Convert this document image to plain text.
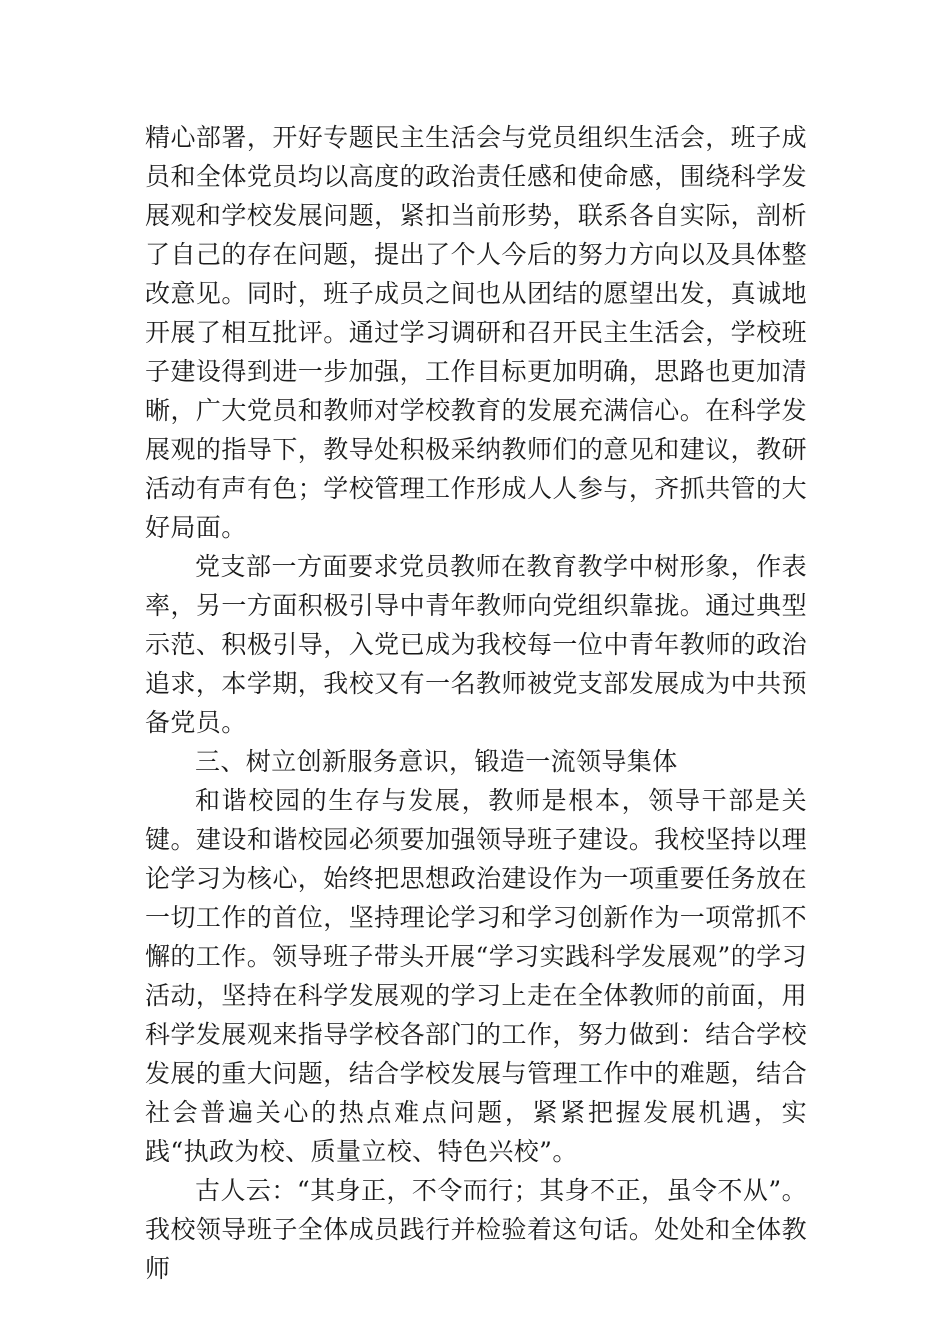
精心部署，开好专题民主生活会与党员组织生活会，班子成员和全体党员均以高度的政治责任感和使命感，围绕科学发展观和学校发展问题，紧扣当前形势，联系各自实际，剖析了自己的存在问题，提出了个人今后的努力方向以及具体整改意见。同时，班子成员之间也从团结的愿望出发，真诚地开展了相互批评。通过学习调研和召开民主生活会，学校班子建设得到进一步加强，工作目标更加明确，思路也更加清晰，广大党员和教师对学校教育的发展充满信心。在科学发展观的指导下，教导处积极采纳教师们的意见和建议，教研活动有声有色；学校管理工作形成人人参与，齐抓共管的大好局面。

党支部一方面要求党员教师在教育教学中树形象，作表率，另一方面积极引导中青年教师向党组织靠拢。通过典型示范、积极引导，入党已成为我校每一位中青年教师的政治追求，本学期，我校又有一名教师被党支部发展成为中共预备党员。

三、树立创新服务意识，锻造一流领导集体

和谐校园的生存与发展，教师是根本，领导干部是关键。建设和谐校园必须要加强领导班子建设。我校坚持以理论学习为核心，始终把思想政治建设作为一项重要任务放在一切工作的首位，坚持理论学习和学习创新作为一项常抓不懈的工作。领导班子带头开展“学习实践科学发展观”的学习活动，坚持在科学发展观的学习上走在全体教师的前面，用科学发展观来指导学校各部门的工作，努力做到：结合学校发展的重大问题，结合学校发展与管理工作中的难题，结合社会普遍关心的热点难点问题，紧紧把握发展机遇，实践“执政为校、质量立校、特色兴校”。

古人云：“其身正，不令而行；其身不正，虽令不从”。我校领导班子全体成员践行并检验着这句话。处处和全体教师
